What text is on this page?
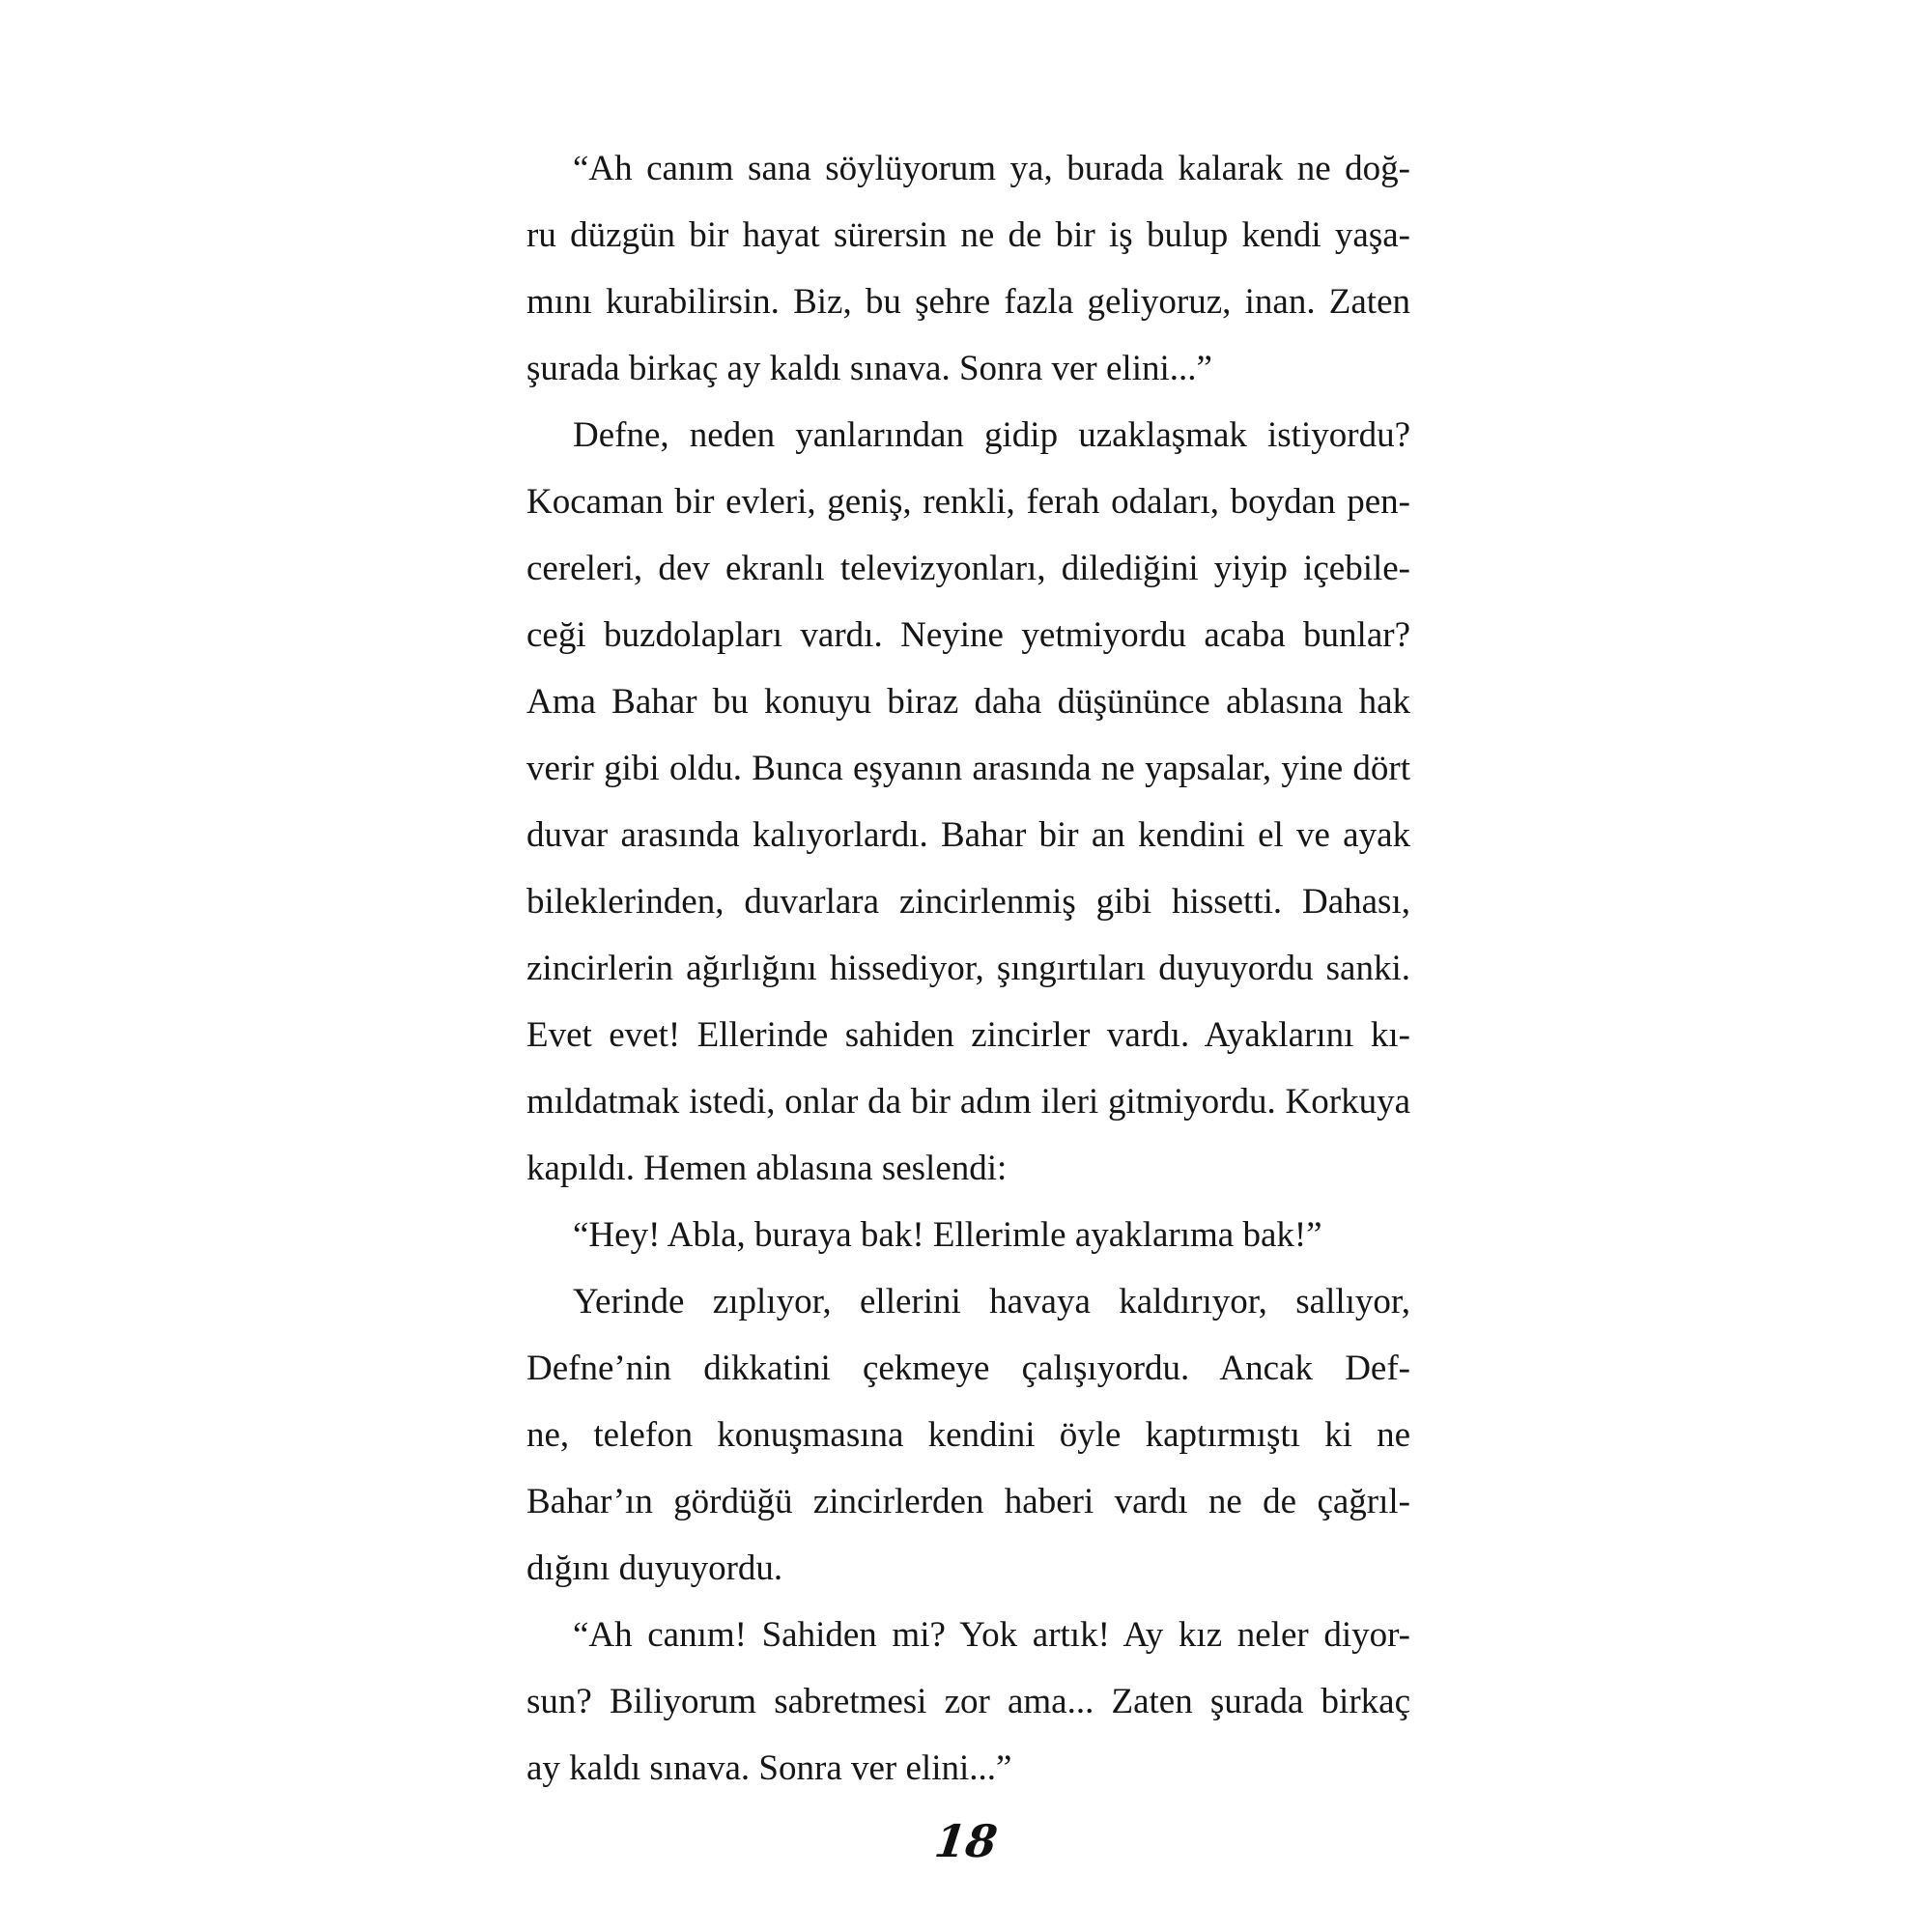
“Ah canım sana söylüyorum ya, burada kalarak ne doğ-
ru düzgün bir hayat sürersin ne de bir iş bulup kendi yaşa-
mını kurabilirsin. Biz, bu şehre fazla geliyoruz, inan. Zaten
şurada birkaç ay kaldı sınava. Sonra ver elini...”
Defne, neden yanlarından gidip uzaklaşmak istiyordu?
Kocaman bir evleri, geniş, renkli, ferah odaları, boydan pen-
cereleri, dev ekranlı televizyonları, dilediğini yiyip içebile-
ceği buzdolapları vardı. Neyine yetmiyordu acaba bunlar?
Ama Bahar bu konuyu biraz daha düşününce ablasına hak
verir gibi oldu. Bunca eşyanın arasında ne yapsalar, yine dört
duvar arasında kalıyorlardı. Bahar bir an kendini el ve ayak
bileklerinden, duvarlara zincirlenmiş gibi hissetti. Dahası,
zincirlerin ağırlığını hissediyor, şıngırtıları duyuyordu sanki.
Evet evet! Ellerinde sahiden zincirler vardı. Ayaklarını kı-
mıldatmak istedi, onlar da bir adım ileri gitmiyordu. Korkuya
kapıldı. Hemen ablasına seslendi:
“Hey! Abla, buraya bak! Ellerimle ayaklarıma bak!”
Yerinde zıplıyor, ellerini havaya kaldırıyor, sallıyor,
Defne’nin dikkatini çekmeye çalışıyordu. Ancak Def-
ne, telefon konuşmasına kendini öyle kaptırmıştı ki ne
Bahar’ın gördüğü zincirlerden haberi vardı ne de çağrıl-
dığını duyuyordu.
“Ah canım! Sahiden mi? Yok artık! Ay kız neler diyor-
sun? Biliyorum sabretmesi zor ama... Zaten şurada birkaç
ay kaldı sınava. Sonra ver elini...”
18
